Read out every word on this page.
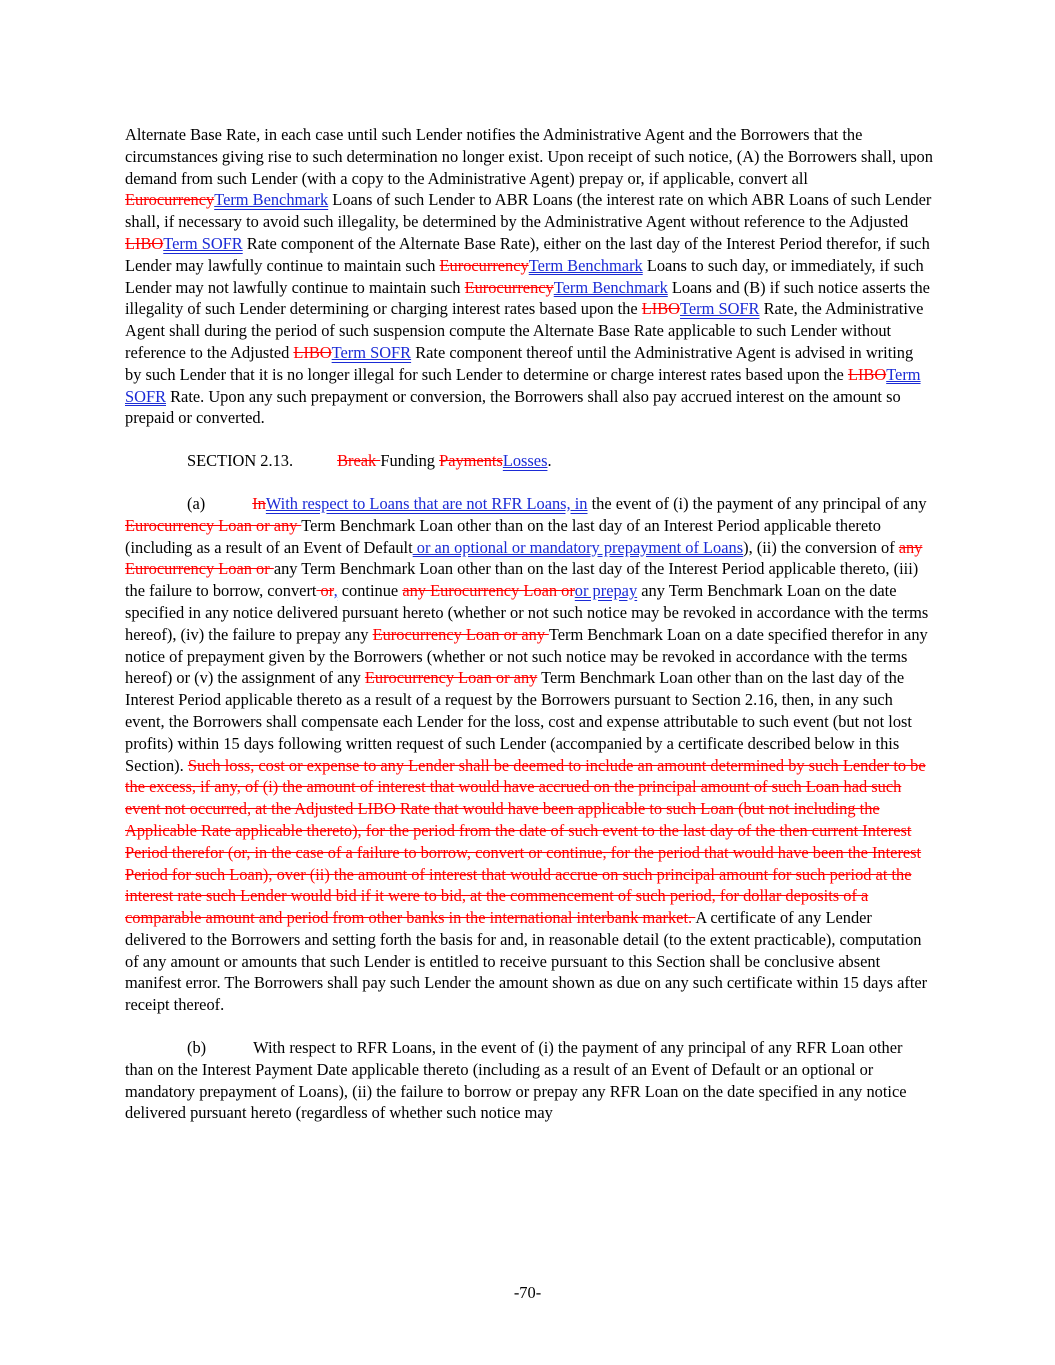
Alternate Base Rate, in each case until such Lender notifies the Administrative Agent and the Borrowers that the circumstances giving rise to such determination no longer exist. Upon receipt of such notice, (A) the Borrowers shall, upon demand from such Lender (with a copy to the Administrative Agent) prepay or, if applicable, convert all EurocurrencyTerm Benchmark Loans of such Lender to ABR Loans (the interest rate on which ABR Loans of such Lender shall, if necessary to avoid such illegality, be determined by the Administrative Agent without reference to the Adjusted LIBOTerm SOFR Rate component of the Alternate Base Rate), either on the last day of the Interest Period therefor, if such Lender may lawfully continue to maintain such EurocurrencyTerm Benchmark Loans to such day, or immediately, if such Lender may not lawfully continue to maintain such EurocurrencyTerm Benchmark Loans and (B) if such notice asserts the illegality of such Lender determining or charging interest rates based upon the LIBOTerm SOFR Rate, the Administrative Agent shall during the period of such suspension compute the Alternate Base Rate applicable to such Lender without reference to the Adjusted LIBOTerm SOFR Rate component thereof until the Administrative Agent is advised in writing by such Lender that it is no longer illegal for such Lender to determine or charge interest rates based upon the LIBOTerm SOFR Rate. Upon any such prepayment or conversion, the Borrowers shall also pay accrued interest on the amount so prepaid or converted.

SECTION 2.13.	Break Funding PaymentsLosses.

(a)	InWith respect to Loans that are not RFR Loans, in the event of (i) the payment of any principal of any Eurocurrency Loan or any Term Benchmark Loan other than on the last day of an Interest Period applicable thereto (including as a result of an Event of Default or an optional or mandatory prepayment of Loans), (ii) the conversion of any Eurocurrency Loan or any Term Benchmark Loan other than on the last day of the Interest Period applicable thereto, (iii) the failure to borrow, convert or, continue any Eurocurrency Loan oror prepay any Term Benchmark Loan on the date specified in any notice delivered pursuant hereto (whether or not such notice may be revoked in accordance with the terms hereof), (iv) the failure to prepay any Eurocurrency Loan or any Term Benchmark Loan on a date specified therefor in any notice of prepayment given by the Borrowers (whether or not such notice may be revoked in accordance with the terms hereof) or (v) the assignment of any Eurocurrency Loan or any Term Benchmark Loan other than on the last day of the Interest Period applicable thereto as a result of a request by the Borrowers pursuant to Section 2.16, then, in any such event, the Borrowers shall compensate each Lender for the loss, cost and expense attributable to such event (but not lost profits) within 15 days following written request of such Lender (accompanied by a certificate described below in this Section). Such loss, cost or expense to any Lender shall be deemed to include an amount determined by such Lender to be the excess, if any, of (i) the amount of interest that would have accrued on the principal amount of such Loan had such event not occurred, at the Adjusted LIBO Rate that would have been applicable to such Loan (but not including the Applicable Rate applicable thereto), for the period from the date of such event to the last day of the then current Interest Period therefor (or, in the case of a failure to borrow, convert or continue, for the period that would have been the Interest Period for such Loan), over (ii) the amount of interest that would accrue on such principal amount for such period at the interest rate such Lender would bid if it were to bid, at the commencement of such period, for dollar deposits of a comparable amount and period from other banks in the international interbank market. A certificate of any Lender delivered to the Borrowers and setting forth the basis for and, in reasonable detail (to the extent practicable), computation of any amount or amounts that such Lender is entitled to receive pursuant to this Section shall be conclusive absent manifest error. The Borrowers shall pay such Lender the amount shown as due on any such certificate within 15 days after receipt thereof.

(b)	With respect to RFR Loans, in the event of (i) the payment of any principal of any RFR Loan other than on the Interest Payment Date applicable thereto (including as a result of an Event of Default or an optional or mandatory prepayment of Loans), (ii) the failure to borrow or prepay any RFR Loan on the date specified in any notice delivered pursuant hereto (regardless of whether such notice may

-70-
